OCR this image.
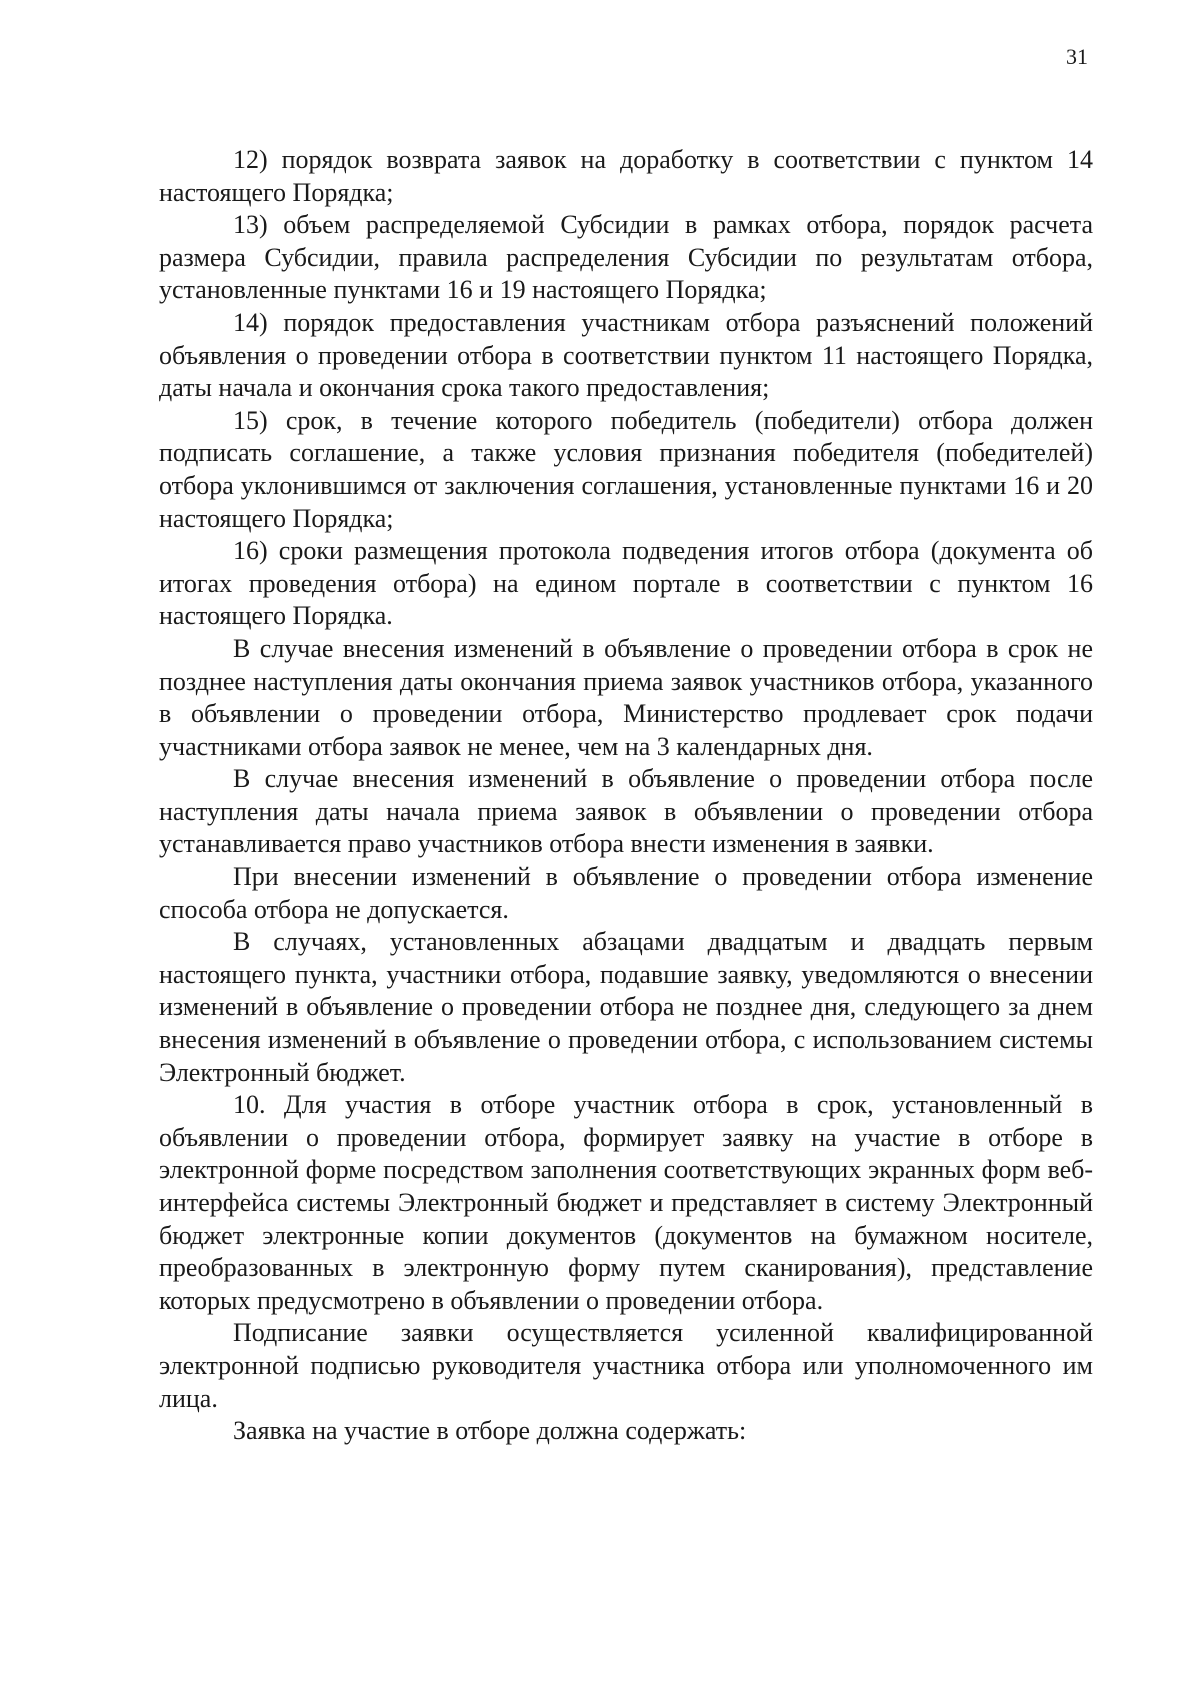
31

12) порядок возврата заявок на доработку в соответствии с пунктом 14 настоящего Порядка;

13) объем распределяемой Субсидии в рамках отбора, порядок расчета размера Субсидии, правила распределения Субсидии по результатам отбора, установленные пунктами 16 и 19 настоящего Порядка;

14) порядок предоставления участникам отбора разъяснений положений объявления о проведении отбора в соответствии пунктом 11 настоящего Порядка, даты начала и окончания срока такого предоставления;

15) срок, в течение которого победитель (победители) отбора должен подписать соглашение, а также условия признания победителя (победителей) отбора уклонившимся от заключения соглашения, установленные пунктами 16 и 20 настоящего Порядка;

16) сроки размещения протокола подведения итогов отбора (документа об итогах проведения отбора) на едином портале в соответствии с пунктом 16 настоящего Порядка.

В случае внесения изменений в объявление о проведении отбора в срок не позднее наступления даты окончания приема заявок участников отбора, указанного в объявлении о проведении отбора, Министерство продлевает срок подачи участниками отбора заявок не менее, чем на 3 календарных дня.

В случае внесения изменений в объявление о проведении отбора после наступления даты начала приема заявок в объявлении о проведении отбора устанавливается право участников отбора внести изменения в заявки.

При внесении изменений в объявление о проведении отбора изменение способа отбора не допускается.

В случаях, установленных абзацами двадцатым и двадцать первым настоящего пункта, участники отбора, подавшие заявку, уведомляются о внесении изменений в объявление о проведении отбора не позднее дня, следующего за днем внесения изменений в объявление о проведении отбора, с использованием системы Электронный бюджет.

10. Для участия в отборе участник отбора в срок, установленный в объявлении о проведении отбора, формирует заявку на участие в отборе в электронной форме посредством заполнения соответствующих экранных форм веб-интерфейса системы Электронный бюджет и представляет в систему Электронный бюджет электронные копии документов (документов на бумажном носителе, преобразованных в электронную форму путем сканирования), представление которых предусмотрено в объявлении о проведении отбора.

Подписание заявки осуществляется усиленной квалифицированной электронной подписью руководителя участника отбора или уполномоченного им лица.

Заявка на участие в отборе должна содержать:
